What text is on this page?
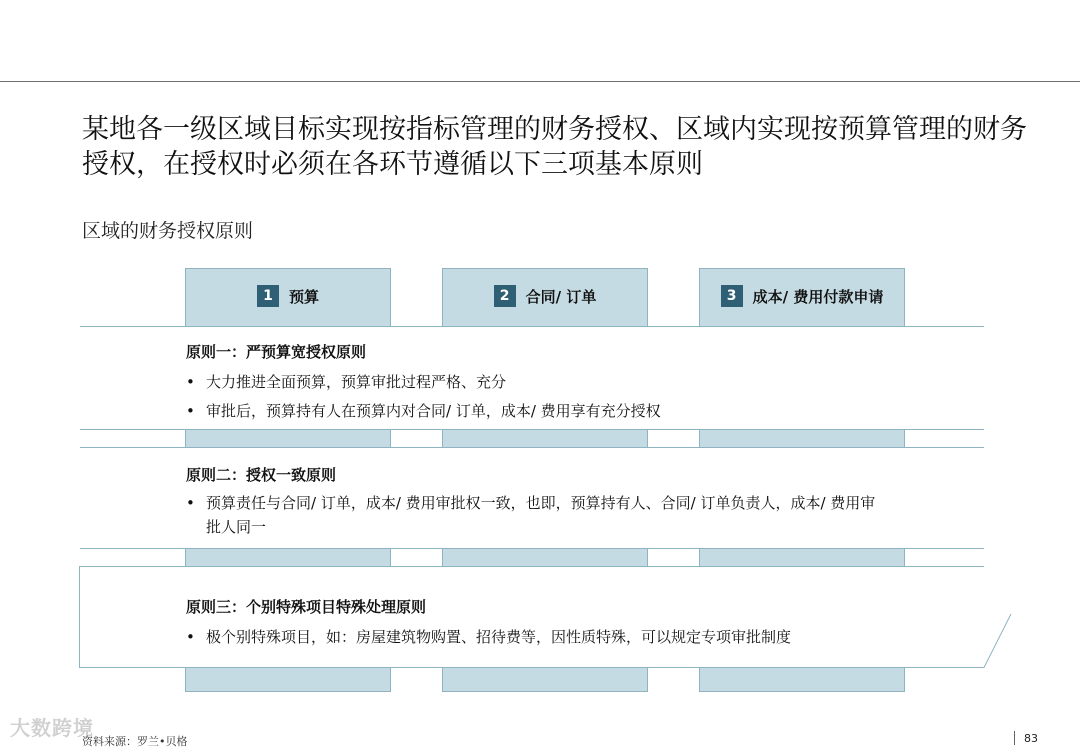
某地各一级区域目标实现按指标管理的财务授权、区域内实现按预算管理的财务授权，在授权时必须在各环节遵循以下三项基本原则
区域的财务授权原则
1	预算	2	合同/ 订单	3	成本/ 费用付款申请
原则一：严预算宽授权原则
• 大力推进全面预算，预算审批过程严格、充分
• 审批后，预算持有人在预算内对合同/ 订单，成本/ 费用享有充分授权
原则二：授权一致原则
• 预算责任与合同/ 订单，成本/ 费用审批权一致，也即，预算持有人、合同/ 订单负责人，成本/ 费用审批人同一
原则三：个别特殊项目特殊处理原则
• 极个别特殊项目，如：房屋建筑物购置、招待费等，因性质特殊，可以规定专项审批制度
大数跨境
资料来源：罗兰•贝格	83
